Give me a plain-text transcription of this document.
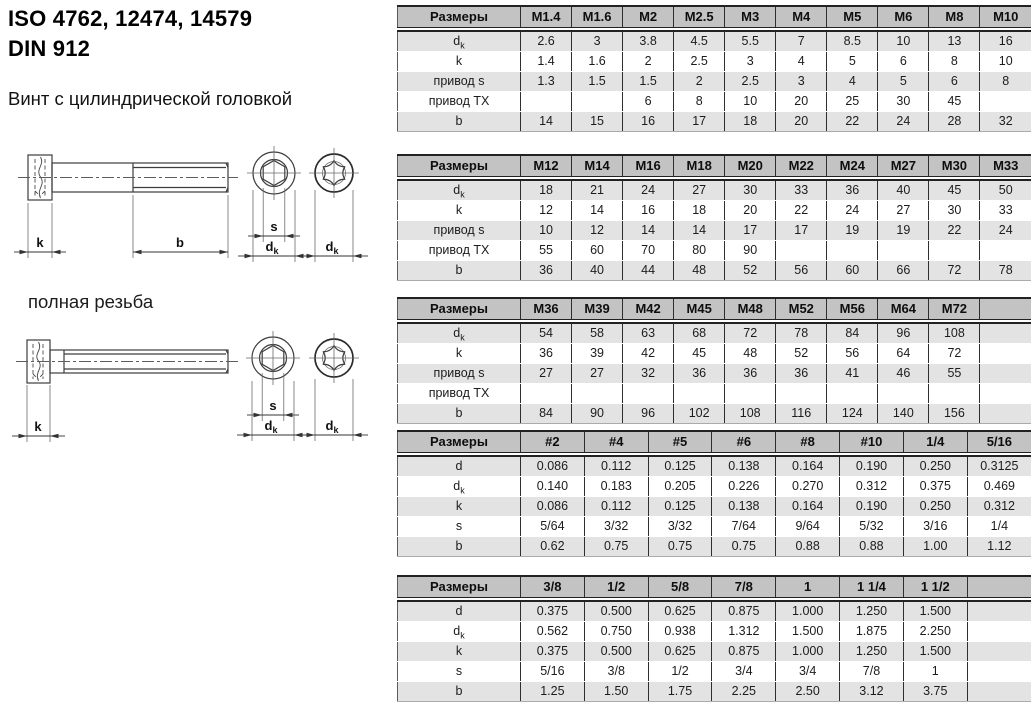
ISO 4762, 12474, 14579
DIN 912
Винт с цилиндрической головкой
k	b
s
$d_k$	$d_k$
полная резьба
k
s
$d_k$	$d_k$
Размеры	M1.4	M1.6	M2	M2.5	M3	M4	M5	M6	M8	M10

$d_k$	2.6	3	3.8	4.5	5.5	7	8.5	10	13	16
k	1.4	1.6	2	2.5	3	4	5	6	8	10
привод s	1.3	1.5	1.5	2	2.5	3	4	5	6	8
привод TX			6	8	10	20	25	30	45	
b	14	15	16	17	18	20	22	24	28	32
Размеры	M12	M14	M16	M18	M20	M22	M24	M27	M30	M33

$d_k$	18	21	24	27	30	33	36	40	45	50
k	12	14	16	18	20	22	24	27	30	33
привод s	10	12	14	14	17	17	19	19	22	24
привод TX	55	60	70	80	90					
b	36	40	44	48	52	56	60	66	72	78
Размеры	M36	M39	M42	M45	M48	M52	M56	M64	M72	

$d_k$	54	58	63	68	72	78	84	96	108	
k	36	39	42	45	48	52	56	64	72	
привод s	27	27	32	36	36	36	41	46	55	
привод TX										
b	84	90	96	102	108	116	124	140	156	
Размеры	#2	#4	#5	#6	#8	#10	1/4	5/16

d	0.086	0.112	0.125	0.138	0.164	0.190	0.250	0.3125
$d_k$	0.140	0.183	0.205	0.226	0.270	0.312	0.375	0.469
k	0.086	0.112	0.125	0.138	0.164	0.190	0.250	0.312
s	5/64	3/32	3/32	7/64	9/64	5/32	3/16	1/4
b	0.62	0.75	0.75	0.75	0.88	0.88	1.00	1.12
Размеры	3/8	1/2	5/8	7/8	1	1 1/4	1 1/2	

d	0.375	0.500	0.625	0.875	1.000	1.250	1.500	
$d_k$	0.562	0.750	0.938	1.312	1.500	1.875	2.250	
k	0.375	0.500	0.625	0.875	1.000	1.250	1.500	
s	5/16	3/8	1/2	3/4	3/4	7/8	1	
b	1.25	1.50	1.75	2.25	2.50	3.12	3.75	
